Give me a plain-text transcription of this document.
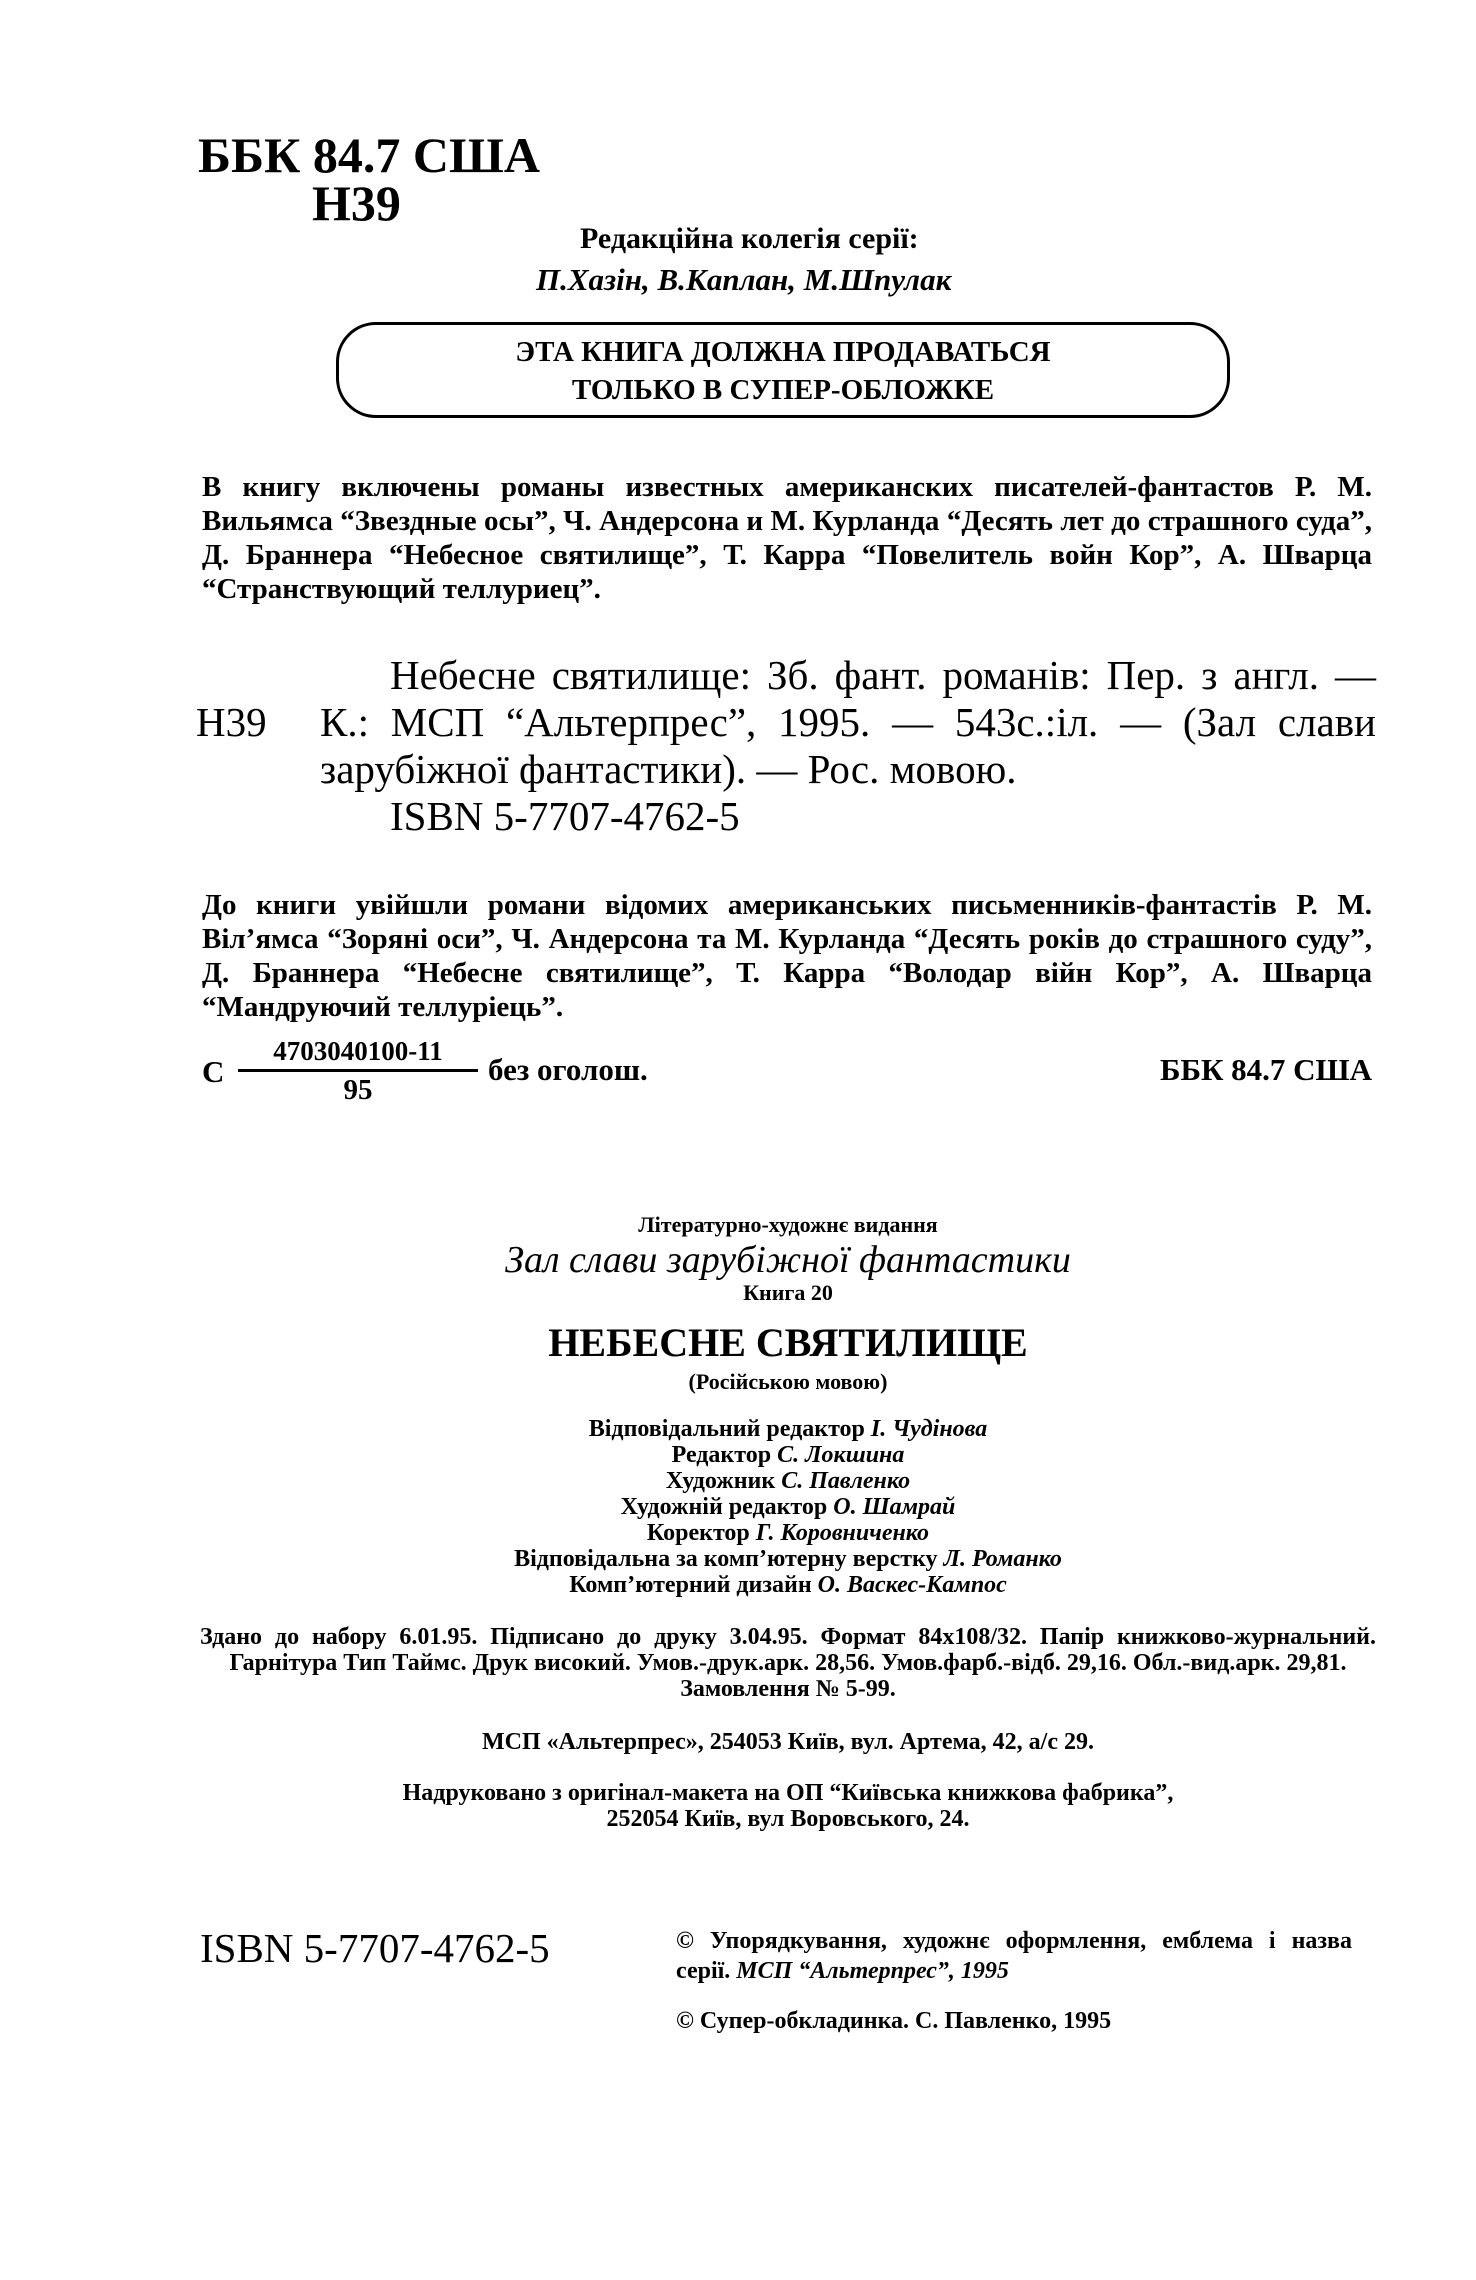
ББК 84.7 США
Н39
Редакційна колегія серії:
П.Хазін, В.Каплан, М.Шпулак
ЭТА КНИГА ДОЛЖНА ПРОДАВАТЬСЯ
ТОЛЬКО В СУПЕР-ОБЛОЖКЕ
В книгу включены романы известных американских писателей-фантастов Р. М. Вильямса “Звездные осы”, Ч. Андерсона и М. Курланда “Десять лет до страшного суда”, Д. Браннера “Небесное святилище”, Т. Карра “Повелитель войн Кор”, А. Шварца “Странствующий теллуриец”.
Н39
Небесне святилище: Зб. фант. романів: Пер. з англ. — К.: МСП “Альтерпрес”, 1995. — 543с.:іл. — (Зал слави зарубіжної фантастики). — Рос. мовою.
ISBN 5-7707-4762-5
До книги увійшли романи відомих американських письменників-фантастів Р. М. Віл’ямса “Зоряні оси”, Ч. Андерсона та М. Курланда “Десять років до страшного суду”, Д. Браннера “Небесне святилище”, Т. Карра “Володар війн Кор”, А. Шварца “Мандруючий теллуріець”.
С $\frac{4703040100-11}{95}$ без оголош.	ББК 84.7 США
Літературно-художнє видання
Зал слави зарубіжної фантастики
Книга 20
НЕБЕСНЕ СВЯТИЛИЩЕ
(Російською мовою)
Відповідальний редактор І. Чудінова
Редактор С. Локшина
Художник С. Павленко
Художній редактор О. Шамрай
Коректор Г. Коровниченко
Відповідальна за комп’ютерну верстку Л. Романко
Комп’ютерний дизайн О. Васкес-Кампос
Здано до набору 6.01.95. Підписано до друку 3.04.95. Формат 84х108/32. Папір книжково-журнальний. Гарнітура Тип Таймс. Друк високий. Умов.-друк.арк. 28,56. Умов.фарб.-відб. 29,16. Обл.-вид.арк. 29,81.
Замовлення № 5-99.
МСП «Альтерпрес», 254053 Київ, вул. Артема, 42, а/с 29.
Надруковано з оригінал-макета на ОП “Київська книжкова фабрика”,
252054 Київ, вул Воровського, 24.
ISBN 5-7707-4762-5	© Упорядкування, художнє оформлення, емблема і назва серії. МСП “Альтерпрес”, 1995
© Супер-обкладинка. С. Павленко, 1995
